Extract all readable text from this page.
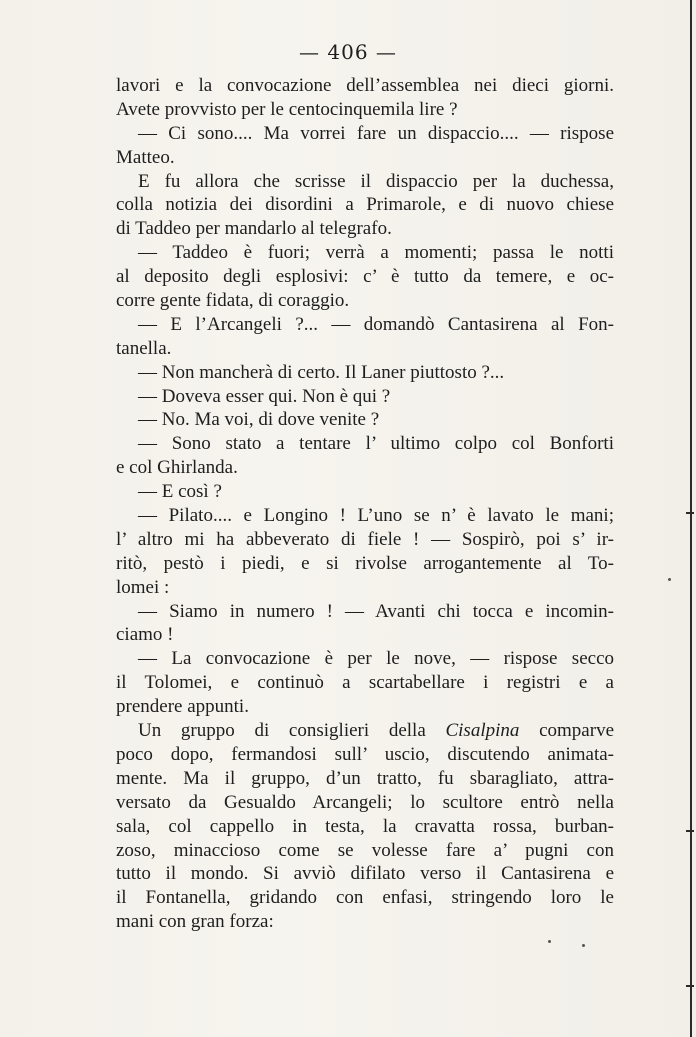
— 406 —
lavori e la convocazione dell’assemblea nei dieci giorni.
Avete provvisto per le centocinquemila lire ?
— Ci sono.... Ma vorrei fare un dispaccio.... — rispose
Matteo.
E fu allora che scrisse il dispaccio per la duchessa,
colla notizia dei disordini a Primarole, e di nuovo chiese
di Taddeo per mandarlo al telegrafo.
— Taddeo è fuori; verrà a momenti; passa le notti
al deposito degli esplosivi: c’ è tutto da temere, e oc-
corre gente fidata, di coraggio.
— E l’Arcangeli ?... — domandò Cantasirena al Fon-
tanella.
— Non mancherà di certo. Il Laner piuttosto ?...
— Doveva esser qui. Non è qui ?
— No. Ma voi, di dove venite ?
— Sono stato a tentare l’ ultimo colpo col Bonforti
e col Ghirlanda.
— E così ?
— Pilato.... e Longino ! L’uno se n’ è lavato le mani;
l’ altro mi ha abbeverato di fiele ! — Sospirò, poi s’ ir-
ritò, pestò i piedi, e si rivolse arrogantemente al To-
lomei :
— Siamo in numero ! — Avanti chi tocca e incomin-
ciamo !
— La convocazione è per le nove, — rispose secco
il Tolomei, e continuò a scartabellare i registri e a
prendere appunti.
Un gruppo di consiglieri della Cisalpina comparve
poco dopo, fermandosi sull’ uscio, discutendo animata-
mente. Ma il gruppo, d’un tratto, fu sbaragliato, attra-
versato da Gesualdo Arcangeli; lo scultore entrò nella
sala, col cappello in testa, la cravatta rossa, burban-
zoso, minaccioso come se volesse fare a’ pugni con
tutto il mondo. Si avviò difilato verso il Cantasirena e
il Fontanella, gridando con enfasi, stringendo loro le
mani con gran forza:
